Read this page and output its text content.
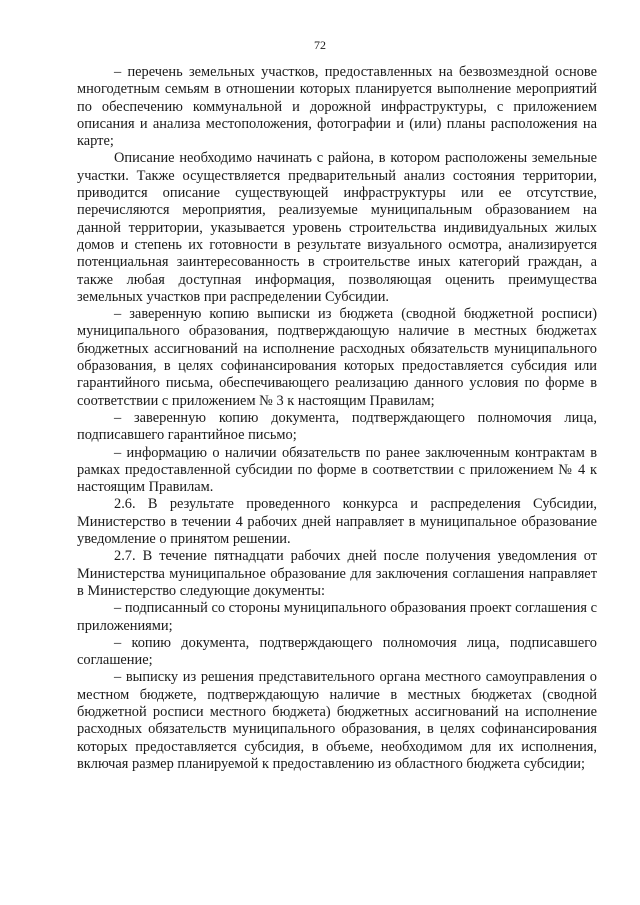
72

– перечень земельных участков, предоставленных на безвозмездной основе многодетным семьям в отношении которых планируется выполнение мероприятий по обеспечению коммунальной и дорожной инфраструктуры, с приложением описания и анализа местоположения, фотографии и (или) планы расположения на карте;

Описание необходимо начинать с района, в котором расположены земельные участки. Также осуществляется предварительный анализ состояния территории, приводится описание существующей инфраструктуры или ее отсутствие, перечисляются мероприятия, реализуемые муниципальным образованием на данной территории, указывается уровень строительства индивидуальных жилых домов и степень их готовности в результате визуального осмотра, анализируется потенциальная заинтересованность в строительстве иных категорий граждан, а также любая доступная информация, позволяющая оценить преимущества земельных участков при распределении Субсидии.

– заверенную копию выписки из бюджета (сводной бюджетной росписи) муниципального образования, подтверждающую наличие в местных бюджетах бюджетных ассигнований на исполнение расходных обязательств муниципального образования, в целях софинансирования которых предоставляется субсидия или гарантийного письма, обеспечивающего реализацию данного условия по форме в соответствии с приложением № 3 к настоящим Правилам;

– заверенную копию документа, подтверждающего полномочия лица, подписавшего гарантийное письмо;

– информацию о наличии обязательств по ранее заключенным контрактам в рамках предоставленной субсидии по форме в соответствии с приложением № 4 к настоящим Правилам.

2.6. В результате проведенного конкурса и распределения Субсидии, Министерство в течении 4 рабочих дней направляет в муниципальное образование уведомление о принятом решении.

2.7. В течение пятнадцати рабочих дней после получения уведомления от Министерства муниципальное образование для заключения соглашения направляет в Министерство следующие документы:

– подписанный со стороны муниципального образования проект соглашения с приложениями;

– копию документа, подтверждающего полномочия лица, подписавшего соглашение;

– выписку из решения представительного органа местного самоуправления о местном бюджете, подтверждающую наличие в местных бюджетах (сводной бюджетной росписи местного бюджета) бюджетных ассигнований на исполнение расходных обязательств муниципального образования, в целях софинансирования которых предоставляется субсидия, в объеме, необходимом для их исполнения, включая размер планируемой к предоставлению из областного бюджета субсидии;
